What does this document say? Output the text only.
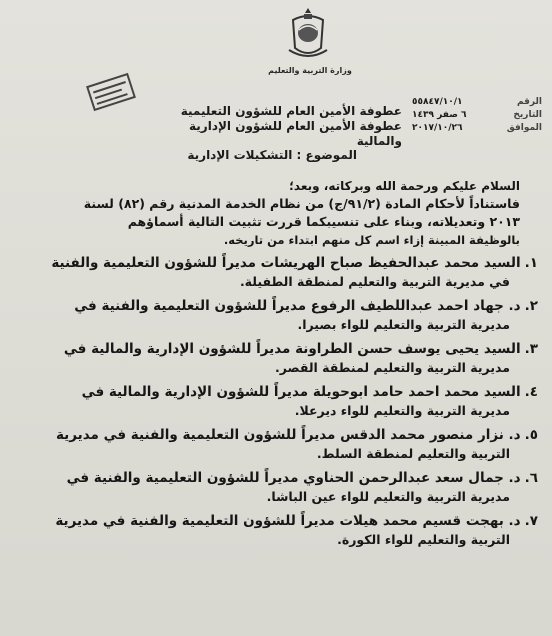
وزارة التربية والتعليم
الرقم
٥٥٨٤٧/١٠/١
التاريخ
٦ صفر ١٤٣٩
الموافق
٢٠١٧/١٠/٢٦
عطوفة الأمين العام للشؤون التعليمية
عطوفة الأمين العام للشؤون الإدارية والمالية
الموضوع : التشكيلات الإدارية
السلام عليكم ورحمة الله وبركاته، وبعد؛
فاستناداً لأحكام المادة (٩١/٢/ج) من نظام الخدمة المدنية رقم (٨٢) لسنة
٢٠١٣ وتعديلاته، وبناء على تنسيبكما قررت تثبيت التالية أسماؤهم
بالوظيفة المبينة إزاء اسم كل منهم ابتداء من تاريخه.
١.السيد محمد عبدالحفيظ صباح الهريشات مديراً للشؤون التعليمية والفنية
في مديرية التربية والتعليم لمنطقة الطفيلة.
٢.د. جهاد احمد عبداللطيف الرفوع مديراً للشؤون التعليمية والفنية في
مديرية التربية والتعليم للواء بصيرا.
٣.السيد يحيى يوسف حسن الطراونة مديراً للشؤون الإدارية والمالية في
مديرية التربية والتعليم لمنطقة القصر.
٤.السيد محمد احمد حامد ابوحويلة مديراً للشؤون الإدارية والمالية في
مديرية التربية والتعليم للواء ديرعلا.
٥.د. نزار منصور محمد الدقس مديراً للشؤون التعليمية والفنية في مديرية
التربية والتعليم لمنطقة السلط.
٦.د. جمال سعد عبدالرحمن الحناوي مديراً للشؤون التعليمية والفنية في
مديرية التربية والتعليم للواء عين الباشا.
٧.د. بهجت قسيم محمد هيلات مديراً للشؤون التعليمية والفنية في مديرية
التربية والتعليم للواء الكورة.
